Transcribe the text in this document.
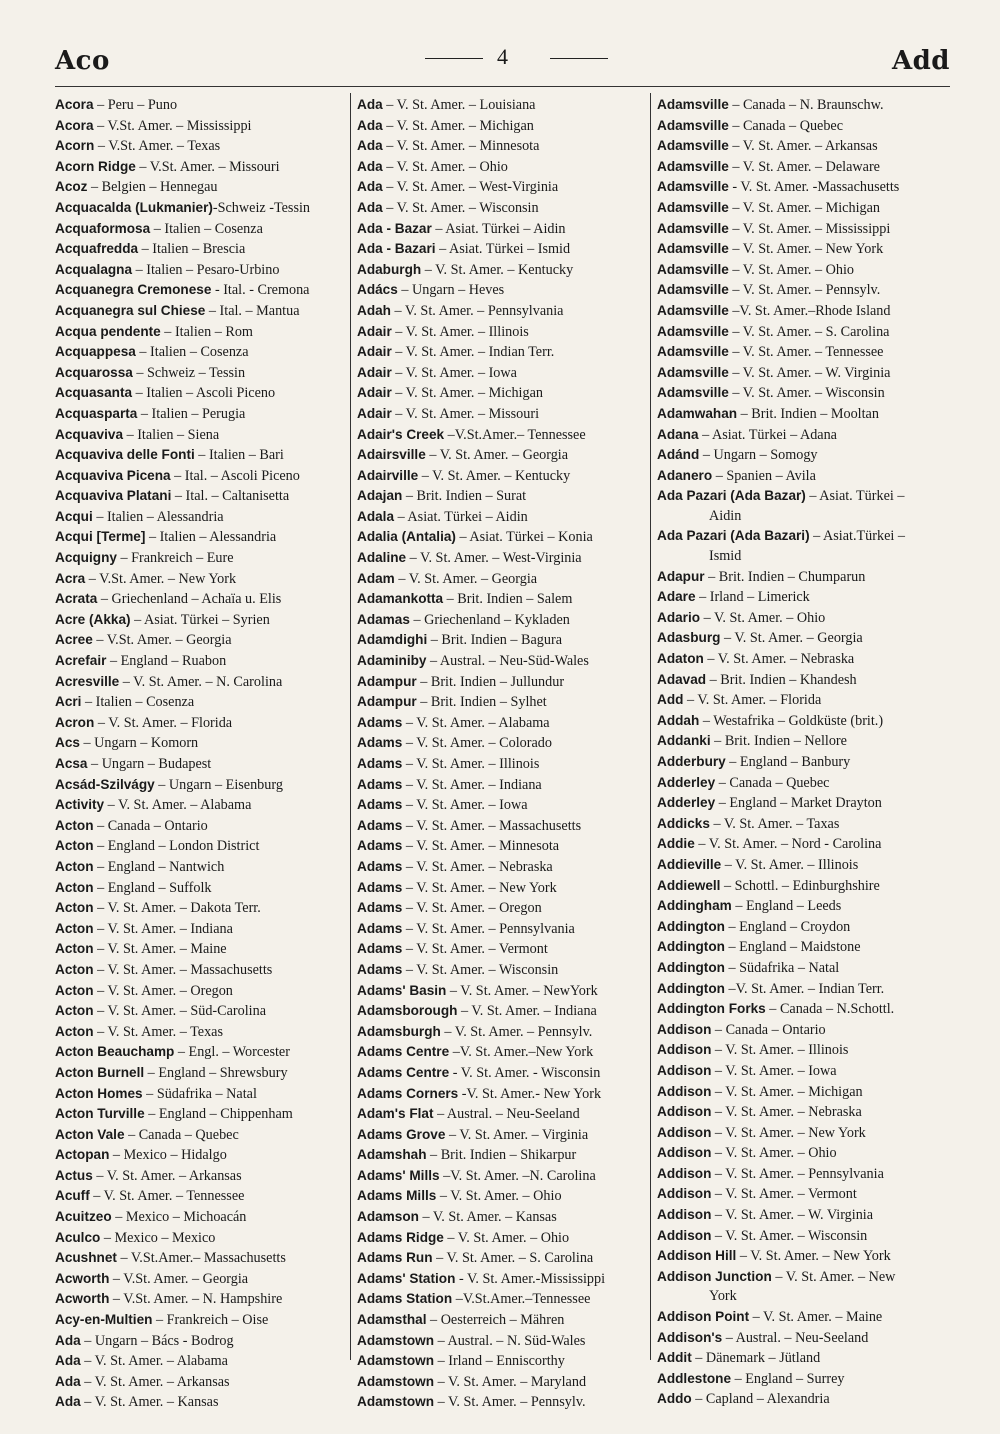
Aco	4	Add
Acora – Peru – Puno
Acora – V.St. Amer. – Mississippi
Acorn – V.St. Amer. – Texas
Acorn Ridge – V.St. Amer. – Missouri
Acoz – Belgien – Hennegau
Acquacalda (Lukmanier)-Schweiz -Tessin
Acquaformosa – Italien – Cosenza
Acquafredda – Italien – Brescia
Acqualagna – Italien – Pesaro-Urbino
Acquanegra Cremonese - Ital. - Cremona
Acquanegra sul Chiese – Ital. – Mantua
Acqua pendente – Italien – Rom
Acquappesa – Italien – Cosenza
Acquarossa – Schweiz – Tessin
Acquasanta – Italien – Ascoli Piceno
Acquasparta – Italien – Perugia
Acquaviva – Italien – Siena
Acquaviva delle Fonti – Italien – Bari
Acquaviva Picena – Ital. – Ascoli Piceno
Acquaviva Platani – Ital. – Caltanisetta
Acqui – Italien – Alessandria
Acqui [Terme] – Italien – Alessandria
Acquigny – Frankreich – Eure
Acra – V.St. Amer. – New York
Acrata – Griechenland – Achaïa u. Elis
Acre (Akka) – Asiat. Türkei – Syrien
Acree – V.St. Amer. – Georgia
Acrefair – England – Ruabon
Acresville – V. St. Amer. – N. Carolina
Acri – Italien – Cosenza
Acron – V. St. Amer. – Florida
Acs – Ungarn – Komorn
Acsa – Ungarn – Budapest
Acsád-Szilvágy – Ungarn – Eisenburg
Activity – V. St. Amer. – Alabama
Acton – Canada – Ontario
Acton – England – London District
Acton – England – Nantwich
Acton – England – Suffolk
Acton – V. St. Amer. – Dakota Terr.
Acton – V. St. Amer. – Indiana
Acton – V. St. Amer. – Maine
Acton – V. St. Amer. – Massachusetts
Acton – V. St. Amer. – Oregon
Acton – V. St. Amer. – Süd-Carolina
Acton – V. St. Amer. – Texas
Acton Beauchamp – Engl. – Worcester
Acton Burnell – England – Shrewsbury
Acton Homes – Südafrika – Natal
Acton Turville – England – Chippenham
Acton Vale – Canada – Quebec
Actopan – Mexico – Hidalgo
Actus – V. St. Amer. – Arkansas
Acuff – V. St. Amer. – Tennessee
Acuitzeo – Mexico – Michoacán
Aculco – Mexico – Mexico
Acushnet – V.St.Amer.– Massachusetts
Acworth – V.St. Amer. – Georgia
Acworth – V.St. Amer. – N. Hampshire
Acy-en-Multien – Frankreich – Oise
Ada – Ungarn – Bács - Bodrog
Ada – V. St. Amer. – Alabama
Ada – V. St. Amer. – Arkansas
Ada – V. St. Amer. – Kansas
Ada – V. St. Amer. – Louisiana
Ada – V. St. Amer. – Michigan
Ada – V. St. Amer. – Minnesota
Ada – V. St. Amer. – Ohio
Ada – V. St. Amer. – West-Virginia
Ada – V. St. Amer. – Wisconsin
Ada - Bazar – Asiat. Türkei – Aidin
Ada - Bazari – Asiat. Türkei – Ismid
Adaburgh – V. St. Amer. – Kentucky
Adács – Ungarn – Heves
Adah – V. St. Amer. – Pennsylvania
Adair – V. St. Amer. – Illinois
Adair – V. St. Amer. – Indian Terr.
Adair – V. St. Amer. – Iowa
Adair – V. St. Amer. – Michigan
Adair – V. St. Amer. – Missouri
Adair's Creek –V.St.Amer.– Tennessee
Adairsville – V. St. Amer. – Georgia
Adairville – V. St. Amer. – Kentucky
Adajan – Brit. Indien – Surat
Adala – Asiat. Türkei – Aidin
Adalia (Antalia) – Asiat. Türkei – Konia
Adaline – V. St. Amer. – West-Virginia
Adam – V. St. Amer. – Georgia
Adamankotta – Brit. Indien – Salem
Adamas – Griechenland – Kykladen
Adamdighi – Brit. Indien – Bagura
Adaminiby – Austral. – Neu-Süd-Wales
Adampur – Brit. Indien – Jullundur
Adampur – Brit. Indien – Sylhet
Adams – V. St. Amer. – Alabama
Adams – V. St. Amer. – Colorado
Adams – V. St. Amer. – Illinois
Adams – V. St. Amer. – Indiana
Adams – V. St. Amer. – Iowa
Adams – V. St. Amer. – Massachusetts
Adams – V. St. Amer. – Minnesota
Adams – V. St. Amer. – Nebraska
Adams – V. St. Amer. – New York
Adams – V. St. Amer. – Oregon
Adams – V. St. Amer. – Pennsylvania
Adams – V. St. Amer. – Vermont
Adams – V. St. Amer. – Wisconsin
Adams' Basin – V. St. Amer. – NewYork
Adamsborough – V. St. Amer. – Indiana
Adamsburgh – V. St. Amer. – Pennsylv.
Adams Centre –V. St. Amer.–New York
Adams Centre - V. St. Amer. - Wisconsin
Adams Corners -V. St. Amer.- New York
Adam's Flat – Austral. – Neu-Seeland
Adams Grove – V. St. Amer. – Virginia
Adamshah – Brit. Indien – Shikarpur
Adams' Mills –V. St. Amer. –N. Carolina
Adams Mills – V. St. Amer. – Ohio
Adamson – V. St. Amer. – Kansas
Adams Ridge – V. St. Amer. – Ohio
Adams Run – V. St. Amer. – S. Carolina
Adams' Station - V. St. Amer.-Mississippi
Adams Station –V.St.Amer.–Tennessee
Adamsthal – Oesterreich – Mähren
Adamstown – Austral. – N. Süd-Wales
Adamstown – Irland – Enniscorthy
Adamstown – V. St. Amer. – Maryland
Adamstown – V. St. Amer. – Pennsylv.
Adamsville – Canada – N. Braunschw.
Adamsville – Canada – Quebec
Adamsville – V. St. Amer. – Arkansas
Adamsville – V. St. Amer. – Delaware
Adamsville - V. St. Amer. -Massachusetts
Adamsville – V. St. Amer. – Michigan
Adamsville – V. St. Amer. – Mississippi
Adamsville – V. St. Amer. – New York
Adamsville – V. St. Amer. – Ohio
Adamsville – V. St. Amer. – Pennsylv.
Adamsville –V. St. Amer.–Rhode Island
Adamsville – V. St. Amer. – S. Carolina
Adamsville – V. St. Amer. – Tennessee
Adamsville – V. St. Amer. – W. Virginia
Adamsville – V. St. Amer. – Wisconsin
Adamwahan – Brit. Indien – Mooltan
Adana – Asiat. Türkei – Adana
Adánd – Ungarn – Somogy
Adanero – Spanien – Avila
Ada Pazari (Ada Bazar) – Asiat. Türkei –
Aidin
Ada Pazari (Ada Bazari) – Asiat.Türkei –
Ismid
Adapur – Brit. Indien – Chumparun
Adare – Irland – Limerick
Adario – V. St. Amer. – Ohio
Adasburg – V. St. Amer. – Georgia
Adaton – V. St. Amer. – Nebraska
Adavad – Brit. Indien – Khandesh
Add – V. St. Amer. – Florida
Addah – Westafrika – Goldküste (brit.)
Addanki – Brit. Indien – Nellore
Adderbury – England – Banbury
Adderley – Canada – Quebec
Adderley – England – Market Drayton
Addicks – V. St. Amer. – Taxas
Addie – V. St. Amer. – Nord - Carolina
Addieville – V. St. Amer. – Illinois
Addiewell – Schottl. – Edinburghshire
Addingham – England – Leeds
Addington – England – Croydon
Addington – England – Maidstone
Addington – Südafrika – Natal
Addington –V. St. Amer. – Indian Terr.
Addington Forks – Canada – N.Schottl.
Addison – Canada – Ontario
Addison – V. St. Amer. – Illinois
Addison – V. St. Amer. – Iowa
Addison – V. St. Amer. – Michigan
Addison – V. St. Amer. – Nebraska
Addison – V. St. Amer. – New York
Addison – V. St. Amer. – Ohio
Addison – V. St. Amer. – Pennsylvania
Addison – V. St. Amer. – Vermont
Addison – V. St. Amer. – W. Virginia
Addison – V. St. Amer. – Wisconsin
Addison Hill – V. St. Amer. – New York
Addison Junction – V. St. Amer. – New
York
Addison Point – V. St. Amer. – Maine
Addison's – Austral. – Neu-Seeland
Addit – Dänemark – Jütland
Addlestone – England – Surrey
Addo – Capland – Alexandria
